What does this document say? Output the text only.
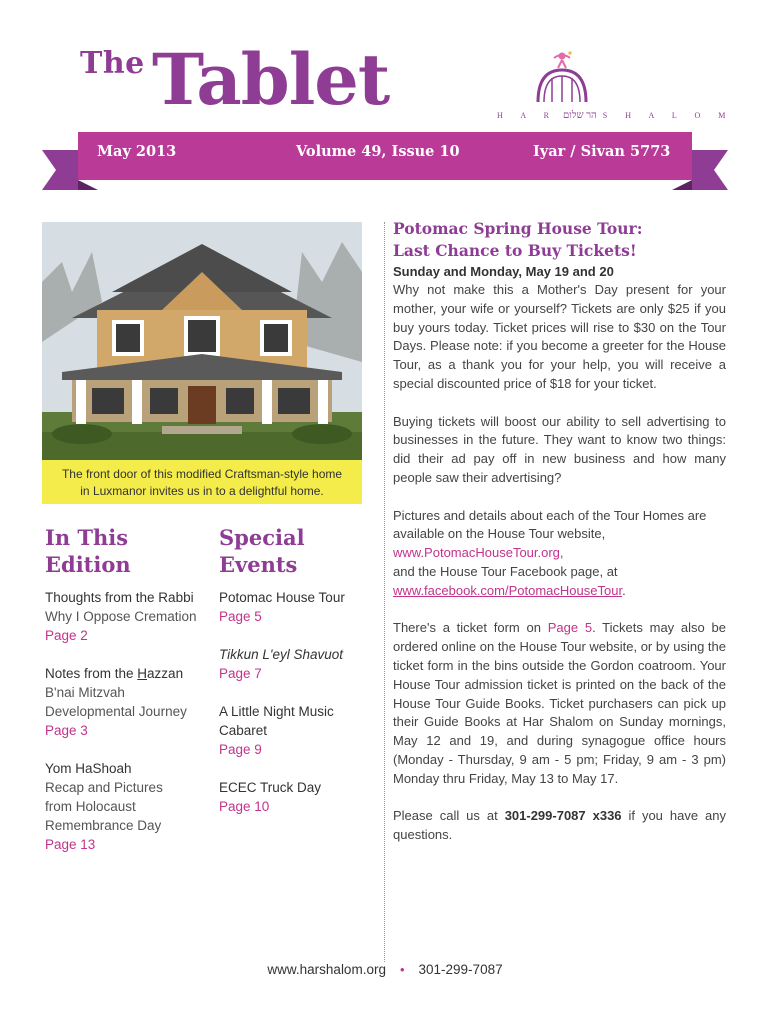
The Tablet	H A R הר שלום S H A L O M
May 2013	Volume 49, Issue 10	Iyar / Sivan 5773
The front door of this modified Craftsman-style home
in Luxmanor invites us in to a delightful home.
In This
Edition
Thoughts from the Rabbi
Why I Oppose Cremation
Page 2
Notes from the Hazzan
B'nai Mitzvah
Developmental Journey
Page 3
Yom HaShoah
Recap and Pictures
from Holocaust
Remembrance Day
Page 13
Special
Events
Potomac House Tour
Page 5
Tikkun L'eyl Shavuot
Page 7
A Little Night Music
Cabaret
Page 9
ECEC Truck Day
Page 10
Potomac Spring House Tour:
Last Chance to Buy Tickets!
Sunday and Monday, May 19 and 20

Why not make this a Mother's Day present for your mother, your wife or yourself? Tickets are only $25 if you buy yours today. Ticket prices will rise to $30 on the Tour Days. Please note: if you become a greeter for the House Tour, as a thank you for your help, you will receive a special discounted price of $18 for your ticket.

Buying tickets will boost our ability to sell advertising to businesses in the future. They want to know two things: did their ad pay off in new business and how many people saw their advertising?

Pictures and details about each of the Tour Homes are available on the House Tour website,
www.PotomacHouseTour.org,
and the House Tour Facebook page, at
www.facebook.com/PotomacHouseTour.

There's a ticket form on Page 5. Tickets may also be ordered online on the House Tour website, or by using the ticket form in the bins outside the Gordon coatroom. Your House Tour admission ticket is printed on the back of the House Tour Guide Books. Ticket purchasers can pick up their Guide Books at Har Shalom on Sunday mornings, May 12 and 19, and during synagogue office hours (Monday - Thursday, 9 am - 5 pm; Friday, 9 am - 3 pm) Monday thru Friday, May 13 to May 17.

Please call us at 301-299-7087 x336 if you have any questions.

www.harshalom.org • 301-299-7087
